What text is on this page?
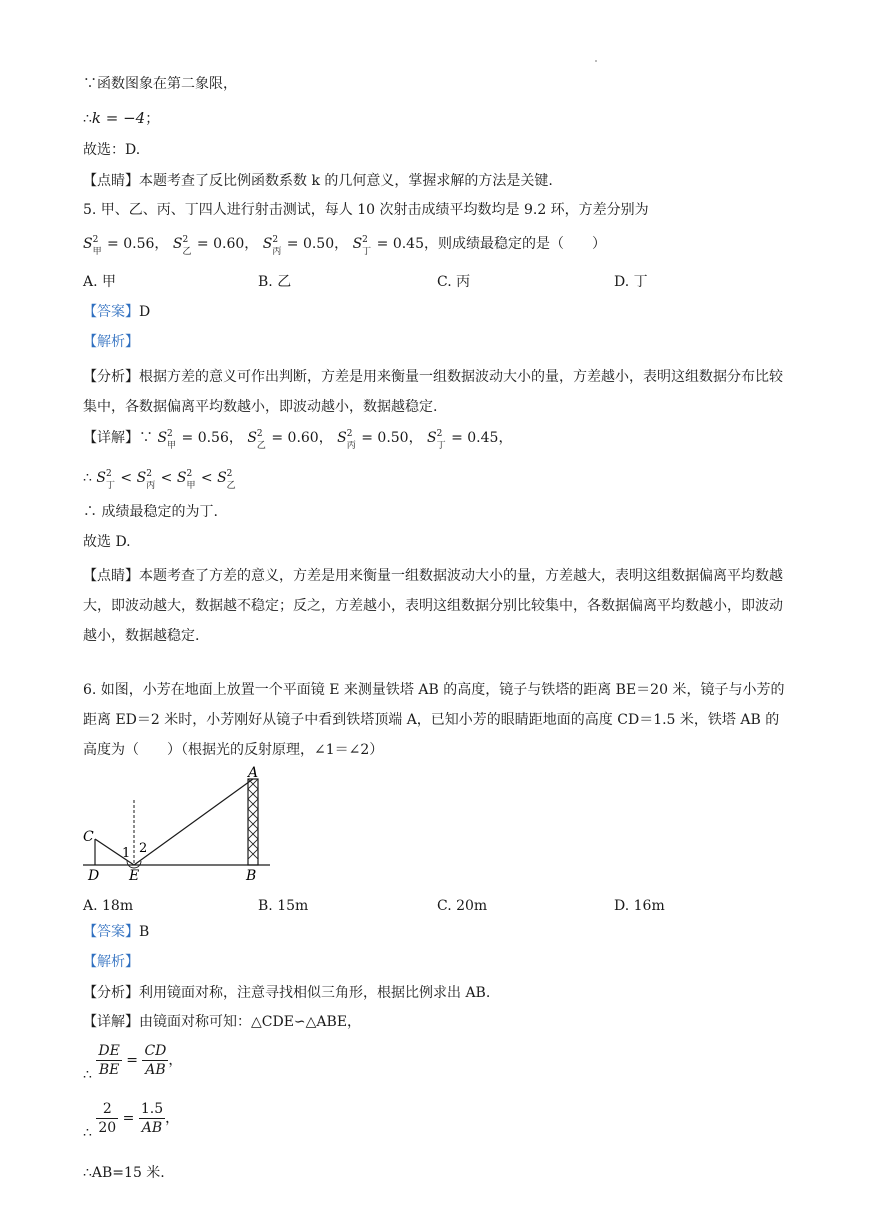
∵函数图象在第二象限，
∴k = −4；
故选：D.
【点睛】本题考查了反比例函数系数 k 的几何意义，掌握求解的方法是关键.
5. 甲、乙、丙、丁四人进行射击测试，每人 10 次射击成绩平均数均是 9.2 环，方差分别为
S 2
甲 = 0.56， S 2
乙 = 0.60， S 2
丙 = 0.50， S 2
丁 = 0.45，则成绩最稳定的是（　　）
A. 甲	B. 乙	C. 丙	D. 丁
【答案】D
【解析】
【分析】根据方差的意义可作出判断，方差是用来衡量一组数据波动大小的量，方差越小，表明这组数据分布比较集中，各数据偏离平均数越小，即波动越小，数据越稳定.
【详解】∵ S 2
甲 = 0.56， S 2
乙 = 0.60， S 2
丙 = 0.50， S 2
丁 = 0.45，
∴ S 2
丁 < S 2
丙 < S 2
甲 < S 2
乙
∴ 成绩最稳定的为丁.
故选 D.
【点睛】本题考查了方差的意义，方差是用来衡量一组数据波动大小的量，方差越大，表明这组数据偏离平均数越大，即波动越大，数据越不稳定；反之，方差越小，表明这组数据分别比较集中，各数据偏离平均数越小，即波动越小，数据越稳定.
6. 如图，小芳在地面上放置一个平面镜 E 来测量铁塔 AB 的高度，镜子与铁塔的距离 BE＝20 米，镜子与小芳的距离 ED＝2 米时，小芳刚好从镜子中看到铁塔顶端 A，已知小芳的眼睛距地面的高度 CD＝1.5 米，铁塔 AB 的高度为（　　）（根据光的反射原理，∠1＝∠2）
C
D E	B
A
1 2
A. 18m	B. 15m	C. 20m	D. 16m
【答案】B
【解析】
【分析】利用镜面对称，注意寻找相似三角形，根据比例求出 AB.
【详解】由镜面对称可知：△CDE∽△ABE，
∴ $\frac{DE}{BE} = \frac{CD}{AB}$ ，
∴ $\frac{2}{20} = \frac{1.5}{AB}$ ，
∴AB=15 米.
